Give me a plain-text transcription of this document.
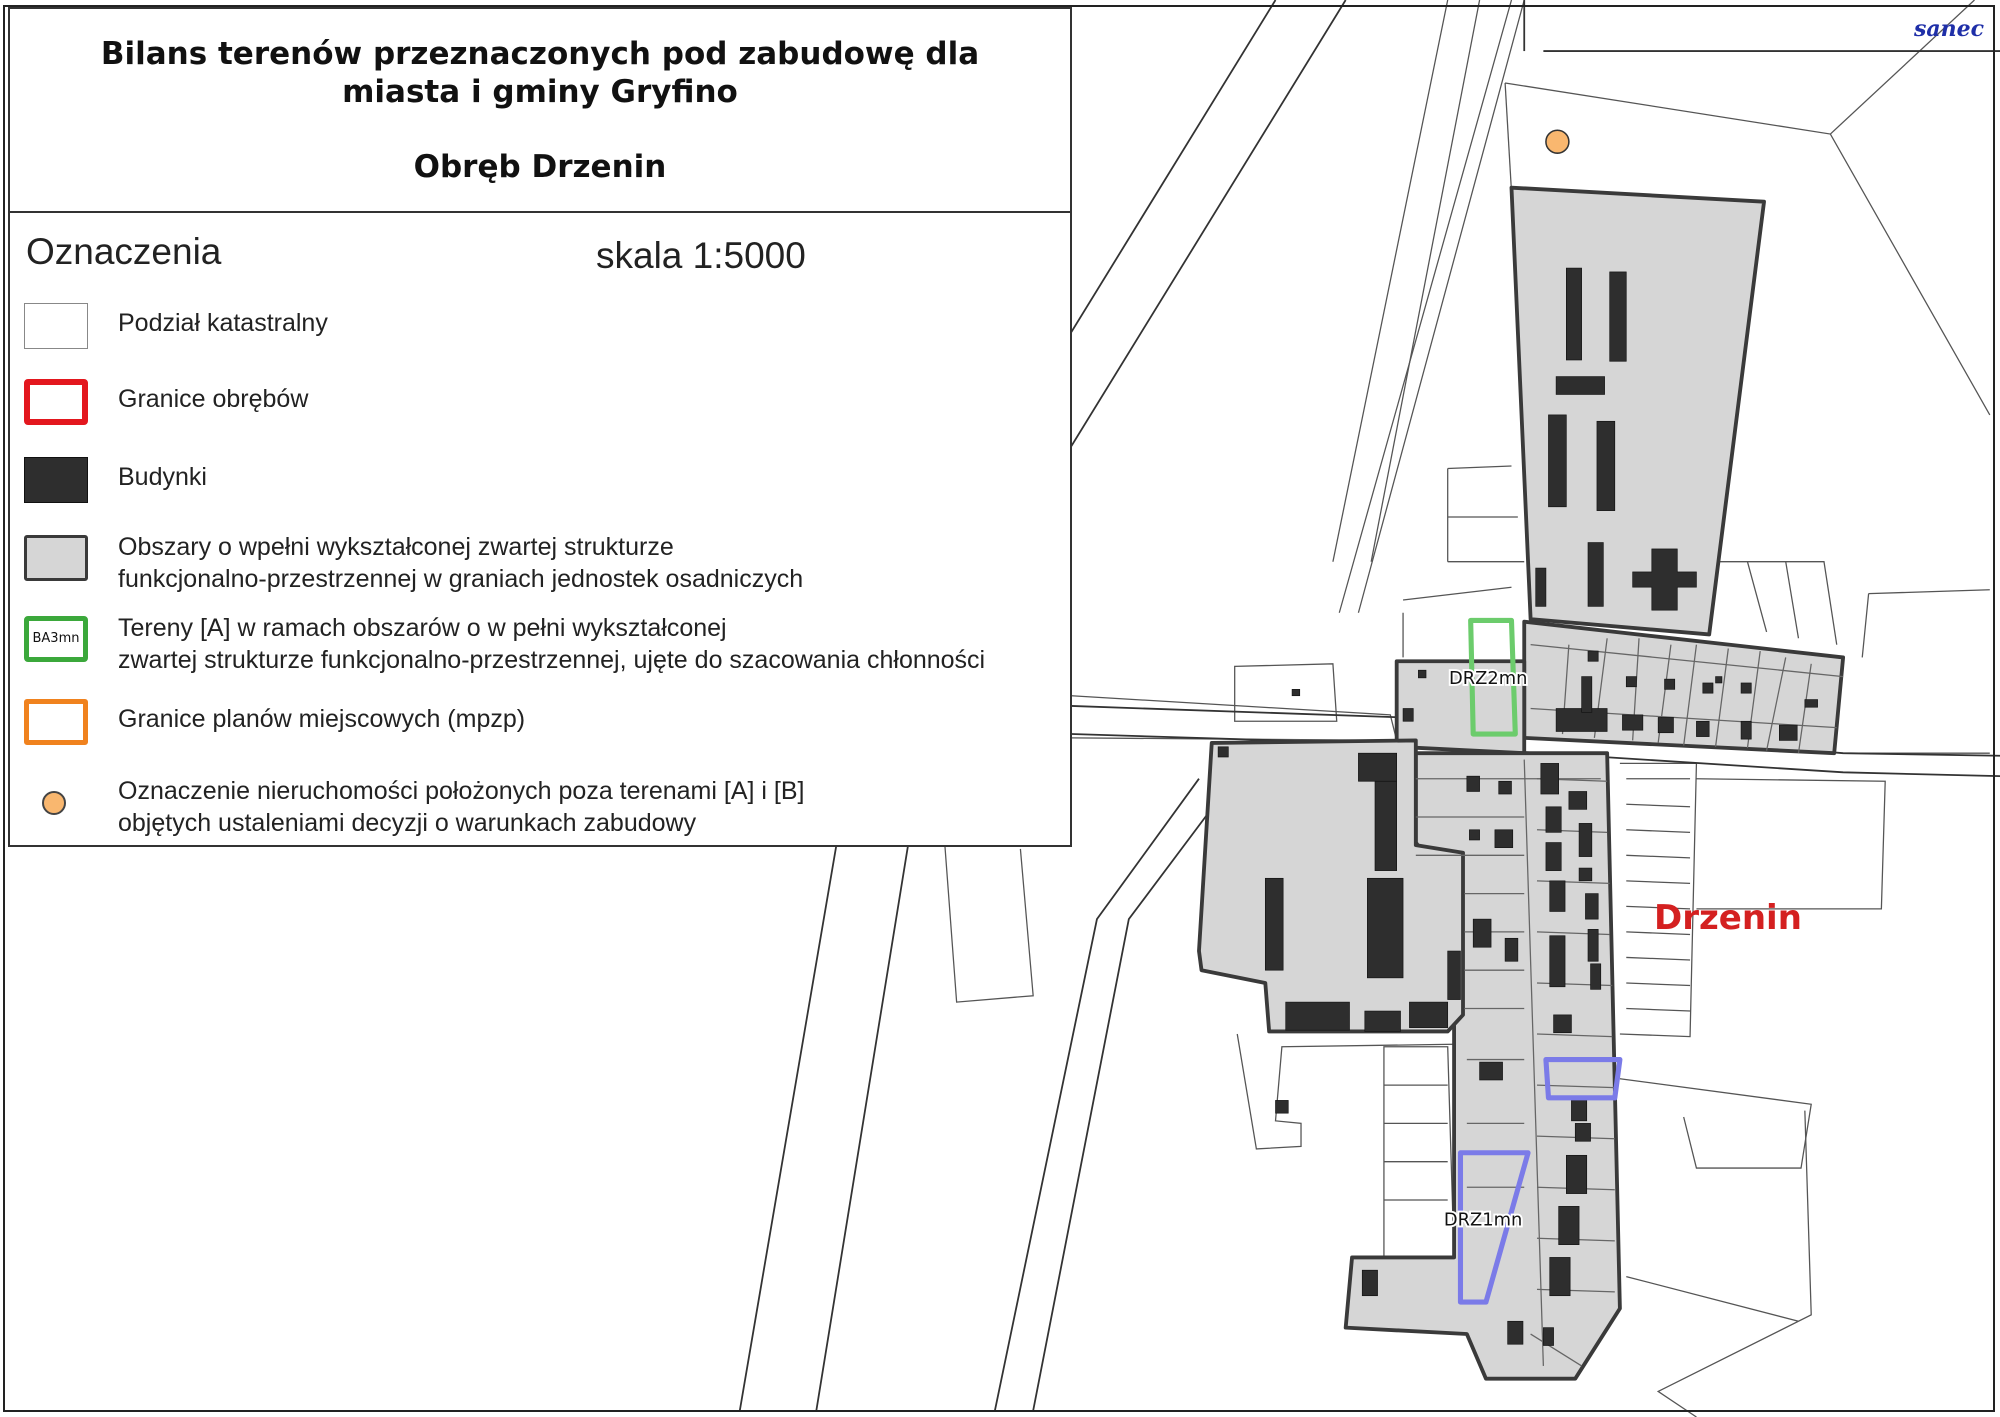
DRZ2mn
DRZ1mn
Bilans terenów przeznaczonych pod zabudowę dla
miasta i gminy Gryfino
Obręb Drzenin
Oznaczenia	skala 1:5000
Podział katastralny
Granice obrębów
Budynki
Obszary o wpełni wykształconej zwartej strukturze
funkcjonalno-przestrzennej w graniach jednostek osadniczych
BA3mn	Tereny [A] w ramach obszarów o w pełni wykształconej
zwartej strukturze funkcjonalno-przestrzennej, ujęte do szacowania chłonności
Granice planów miejscowych (mpzp)
Oznaczenie nieruchomości położonych poza terenami [A] i [B]
objętych ustaleniami decyzji o warunkach zabudowy
sanec
Drzenin
